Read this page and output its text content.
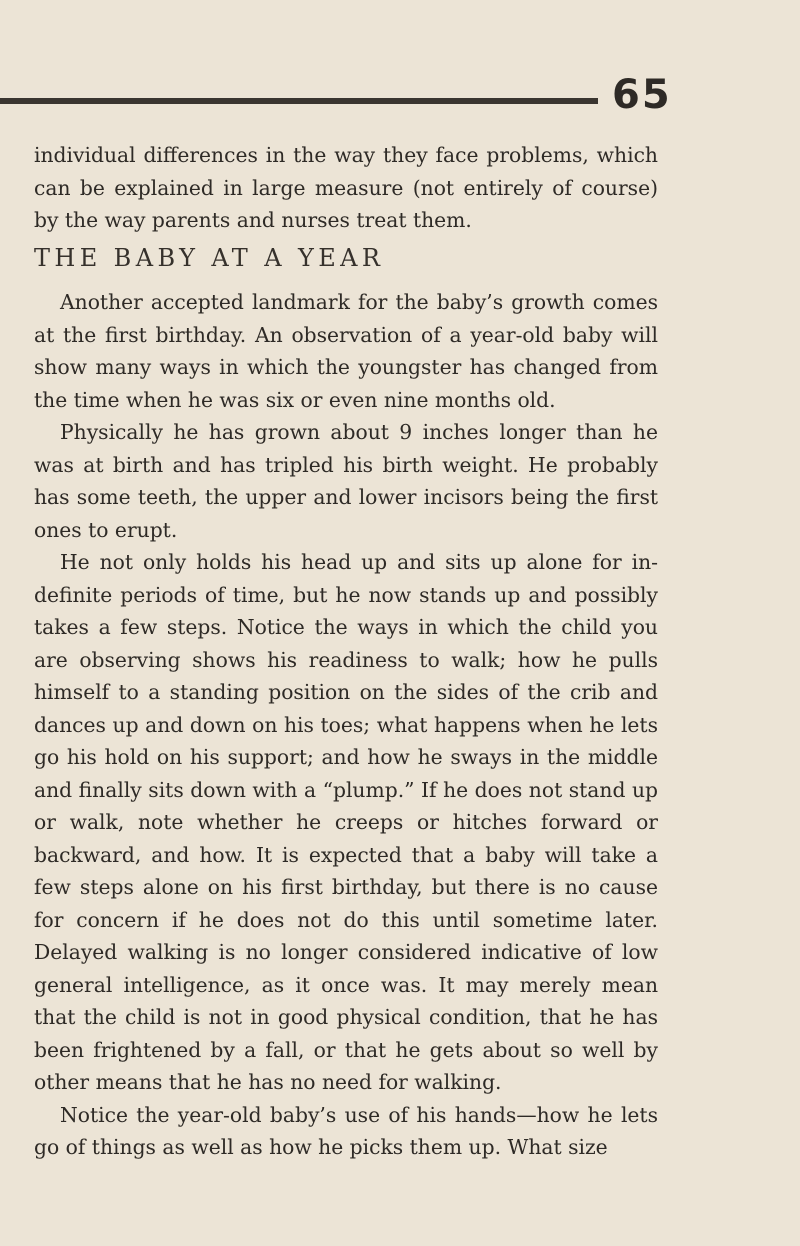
65

individual differences in the way they face problems, which can be explained in large measure (not entirely of course) by the way parents and nurses treat them.

THE BABY AT A YEAR

Another accepted landmark for the baby’s growth comes at the first birthday. An observation of a year-old baby will show many ways in which the youngster has changed from the time when he was six or even nine months old.

Physically he has grown about 9 inches longer than he was at birth and has tripled his birth weight. He probably has some teeth, the upper and lower incisors being the first ones to erupt.

He not only holds his head up and sits up alone for in-definite periods of time, but he now stands up and possibly takes a few steps. Notice the ways in which the child you are observing shows his readiness to walk; how he pulls himself to a standing position on the sides of the crib and dances up and down on his toes; what happens when he lets go his hold on his support; and how he sways in the middle and finally sits down with a “plump.” If he does not stand up or walk, note whether he creeps or hitches forward or backward, and how. It is expected that a baby will take a few steps alone on his first birthday, but there is no cause for concern if he does not do this until sometime later. Delayed walking is no longer considered indicative of low general intelligence, as it once was. It may merely mean that the child is not in good physical condition, that he has been frightened by a fall, or that he gets about so well by other means that he has no need for walking.

Notice the year-old baby’s use of his hands—how he lets go of things as well as how he picks them up. What size
